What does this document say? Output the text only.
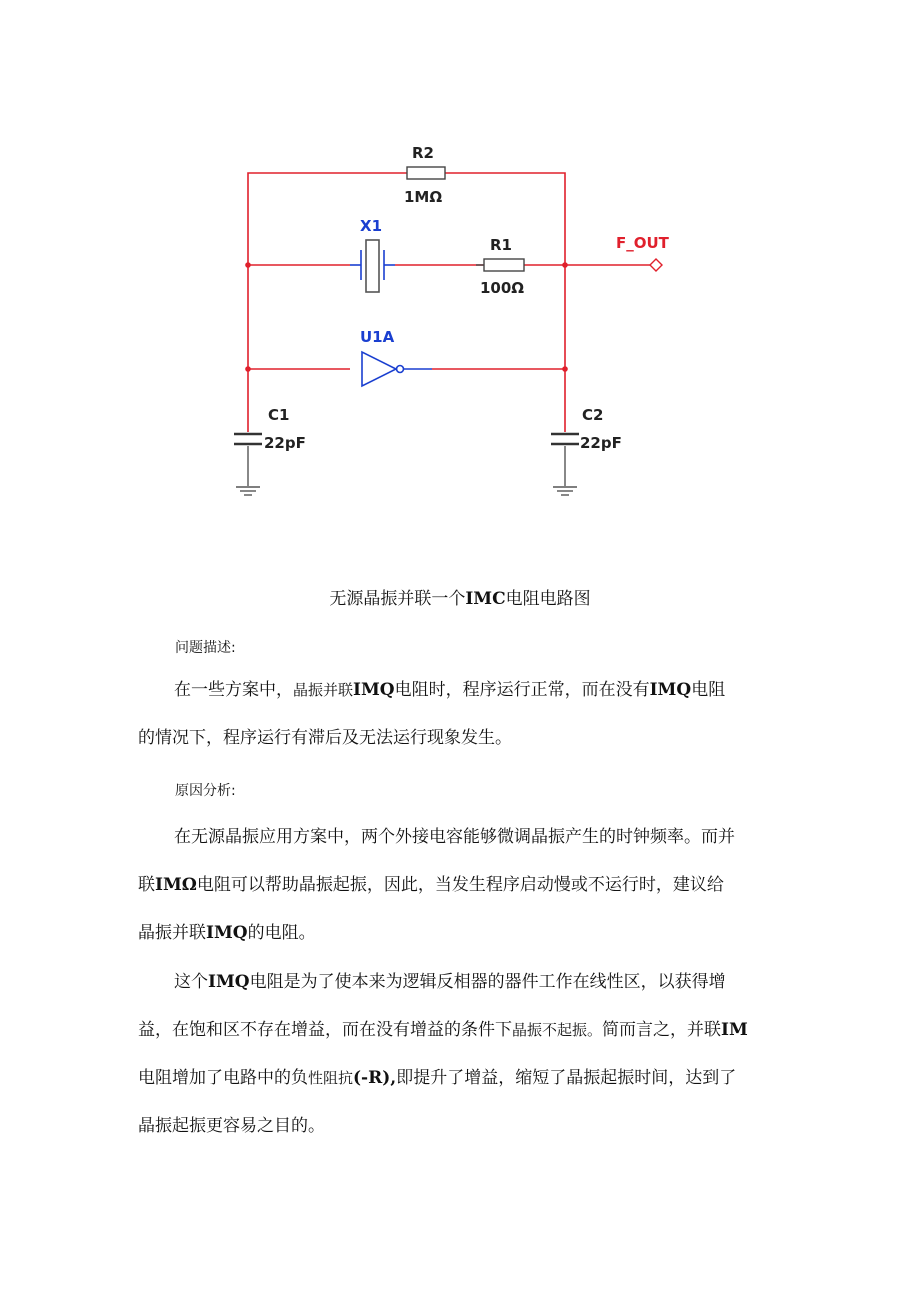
R2
1MΩ
X1
R1
100Ω
F_OUT
U1A
C1
22pF
C2
22pF
无源晶振并联一个IMC电阻电路图
问题描述:
在一些方案中，晶振并联IMQ电阻时，程序运行正常，而在没有IMQ电阻
的情况下，程序运行有滞后及无法运行现象发生。
原因分析:
在无源晶振应用方案中，两个外接电容能够微调晶振产生的时钟频率。而并
联IMΩ电阻可以帮助晶振起振，因此，当发生程序启动慢或不运行时，建议给
晶振并联IMQ的电阻。
这个IMQ电阻是为了使本来为逻辑反相器的器件工作在线性区，以获得增
益，在饱和区不存在增益，而在没有增益的条件下晶振不起振。简而言之，并联IM
电阻增加了电路中的负性阻抗(-R),即提升了增益，缩短了晶振起振时间，达到了
晶振起振更容易之目的。
